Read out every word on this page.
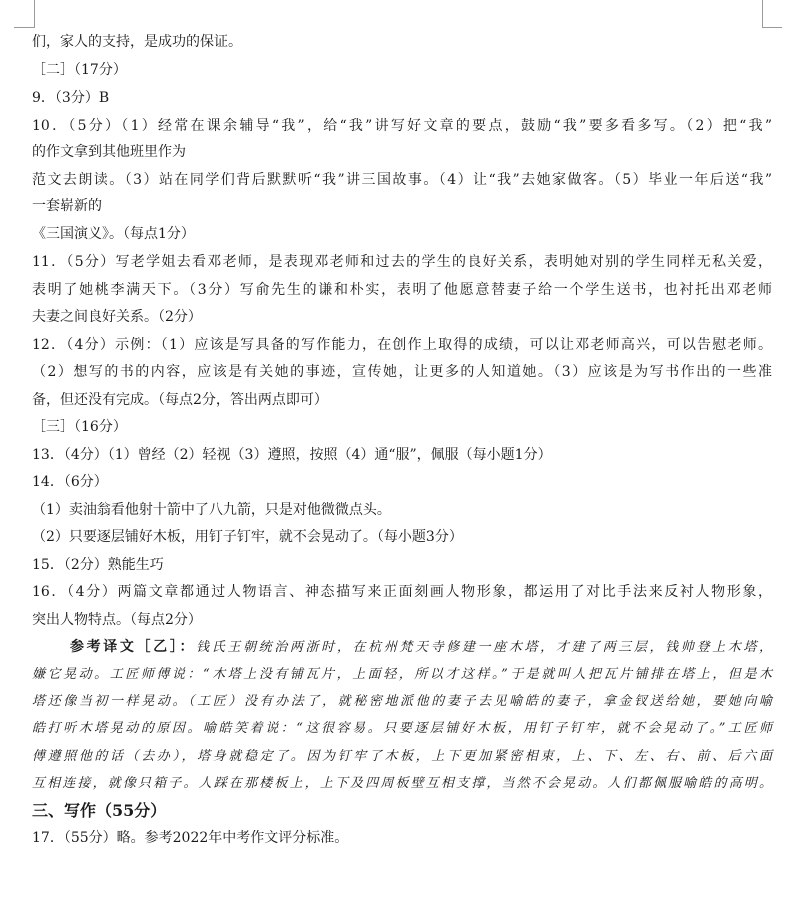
们，家人的支持，是成功的保证。
［二］（17分）
9．（3分）B
10．（5分）（1）经常在课余辅导“我”，给“我”讲写好文章的要点，鼓励“我”要多看多写。（2）把“我”
的作文拿到其他班里作为
范文去朗读。（3）站在同学们背后默默听“我”讲三国故事。（4）让“我”去她家做客。（5）毕业一年后送“我”
一套崭新的
《三国演义》。（每点1分）
11．（5分）写老学姐去看邓老师，是表现邓老师和过去的学生的良好关系，表明她对别的学生同样无私关爱，
表明了她桃李满天下。（3分）写俞先生的谦和朴实，表明了他愿意替妻子给一个学生送书，也衬托出邓老师
夫妻之间良好关系。（2分）
12．（4分）示例：（1）应该是写具备的写作能力，在创作上取得的成绩，可以让邓老师高兴，可以告慰老师。
（2）想写的书的内容，应该是有关她的事迹，宣传她，让更多的人知道她。（3）应该是为写书作出的一些准
备，但还没有完成。（每点2分，答出两点即可）
［三］（16分）
13．（4分）（1）曾经（2）轻视（3）遵照，按照（4）通“服”，佩服（每小题1分）
14．（6分）
（1）卖油翁看他射十箭中了八九箭，只是对他微微点头。
（2）只要逐层铺好木板，用钉子钉牢，就不会晃动了。（每小题3分）
15．（2分）熟能生巧
16．（4分）两篇文章都通过人物语言、神态描写来正面刻画人物形象，都运用了对比手法来反衬人物形象，
突出人物特点。（每点2分）
参考译文［乙］：钱氏王朝统治两浙时，在杭州梵天寺修建一座木塔，才建了两三层，钱帅登上木塔，
嫌它晃动。工匠师傅说：“木塔上没有铺瓦片，上面轻，所以才这样。”于是就叫人把瓦片铺排在塔上，但是木
塔还像当初一样晃动。（工匠）没有办法了，就秘密地派他的妻子去见喻皓的妻子，拿金钗送给她，要她向喻
皓打听木塔晃动的原因。喻皓笑着说：“这很容易。只要逐层铺好木板，用钉子钉牢，就不会晃动了。”工匠师
傅遵照他的话（去办），塔身就稳定了。因为钉牢了木板，上下更加紧密相束，上、下、左、右、前、后六面
互相连接，就像只箱子。人踩在那楼板上，上下及四周板壁互相支撑，当然不会晃动。人们都佩服喻皓的高明。
三、写作（55分）
17．（55分）略。参考2022年中考作文评分标准。
